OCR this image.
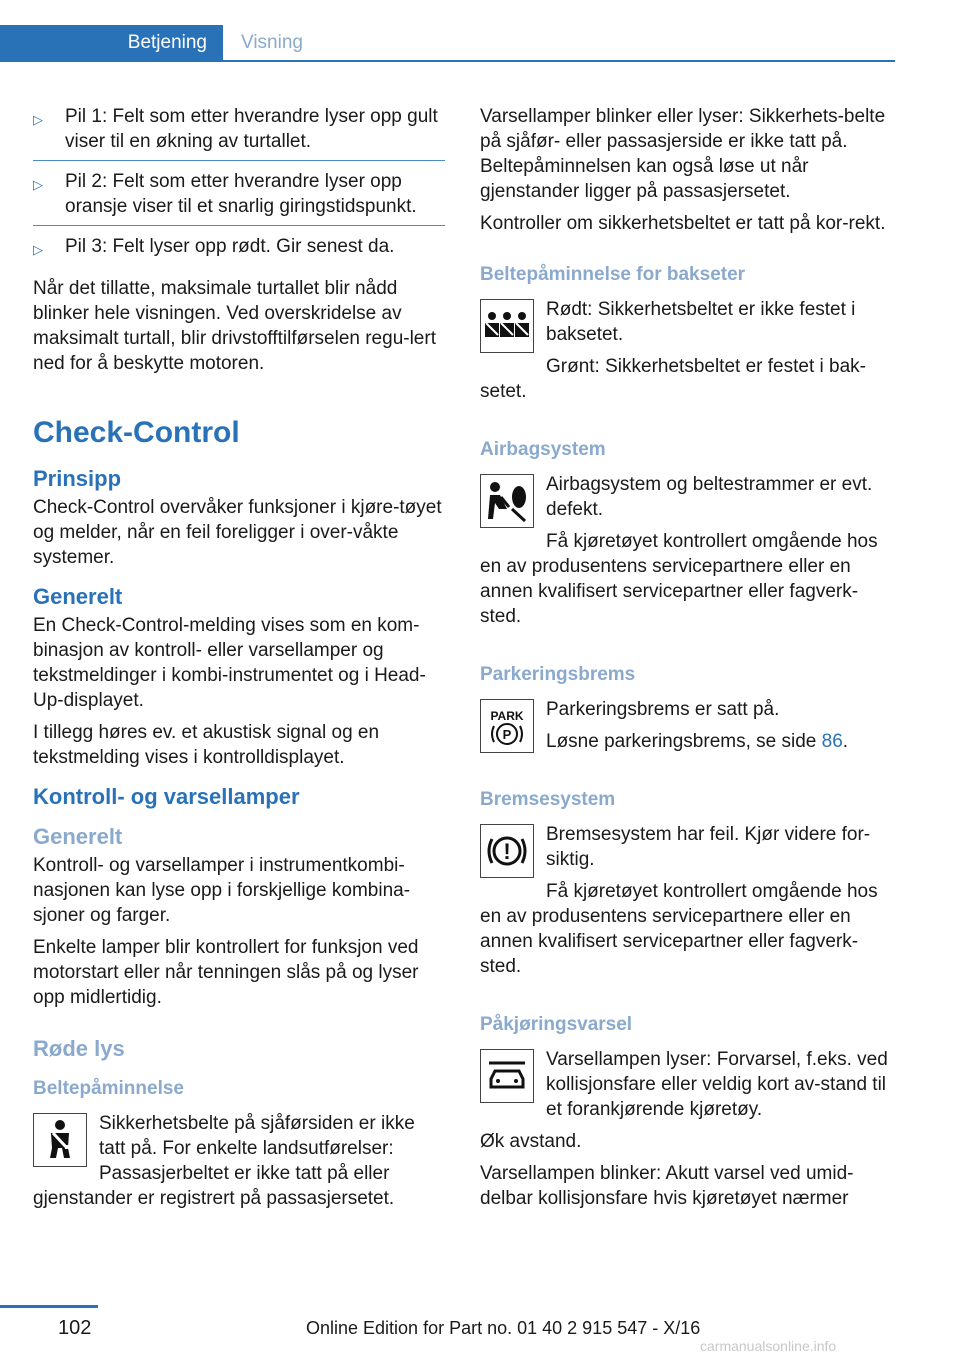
Betjening	Visning
▷	Pil 1: Felt som etter hverandre lyser opp gult viser til en økning av turtallet.
▷	Pil 2: Felt som etter hverandre lyser opp oransje viser til et snarlig giringstidspunkt.
▷	Pil 3: Felt lyser opp rødt. Gir senest da.

Når det tillatte, maksimale turtallet blir nådd blinker hele visningen. Ved overskridelse av maksimalt turtall, blir drivstofftilførselen regu-lert ned for å beskytte motoren.

Check-Control
Prinsipp

Check-Control overvåker funksjoner i kjøre-tøyet og melder, når en feil foreligger i over-våkte systemer.

Generelt

En Check-Control-melding vises som en kom-binasjon av kontroll- eller varsellamper og tekstmeldinger i kombi-instrumentet og i Head-Up-displayet.

I tillegg høres ev. et akustisk signal og en tekstmelding vises i kontrolldisplayet.

Kontroll- og varsellamper
Generelt

Kontroll- og varsellamper i instrumentkombi-nasjonen kan lyse opp i forskjellige kombina-sjoner og farger.

Enkelte lamper blir kontrollert for funksjon ved motorstart eller når tenningen slås på og lyser opp midlertidig.

Røde lys
Beltepåminnelse
Sikkerhetsbelte på sjåførsiden er ikke tatt på. For enkelte landsutførelser: Passasjerbeltet er ikke tatt på eller gjenstander er registrert på passasjersetet.

Varsellamper blinker eller lyser: Sikkerhets-belte på sjåfør- eller passasjerside er ikke tatt på. Beltepåminnelsen kan også løse ut når gjenstander ligger på passasjersetet.

Kontroller om sikkerhetsbeltet er tatt på kor-rekt.

Beltepåminnelse for bakseter

Rødt: Sikkerhetsbeltet er ikke festet i baksetet.

Grønt: Sikkerhetsbeltet er festet i bak-setet.

Airbagsystem

Airbagsystem og beltestrammer er evt. defekt.

Få kjøretøyet kontrollert omgående hos en av produsentens servicepartnere eller en annen kvalifisert servicepartner eller fagverk-sted.

Parkeringsbrems
PARK
P

Parkeringsbrems er satt på.

Løsne parkeringsbrems, se side 86.

Bremsesystem
!

Bremsesystem har feil. Kjør videre for-siktig.

Få kjøretøyet kontrollert omgående hos en av produsentens servicepartnere eller en annen kvalifisert servicepartner eller fagverk-sted.

Påkjøringsvarsel

Varsellampen lyser: Forvarsel, f.eks. ved kollisjonsfare eller veldig kort av-stand til et forankjørende kjøretøy.

Øk avstand.

Varsellampen blinker: Akutt varsel ved umid-delbar kollisjonsfare hvis kjøretøyet nærmer

102	Online Edition for Part no. 01 40 2 915 547 - X/16
carmanualsonline.info
